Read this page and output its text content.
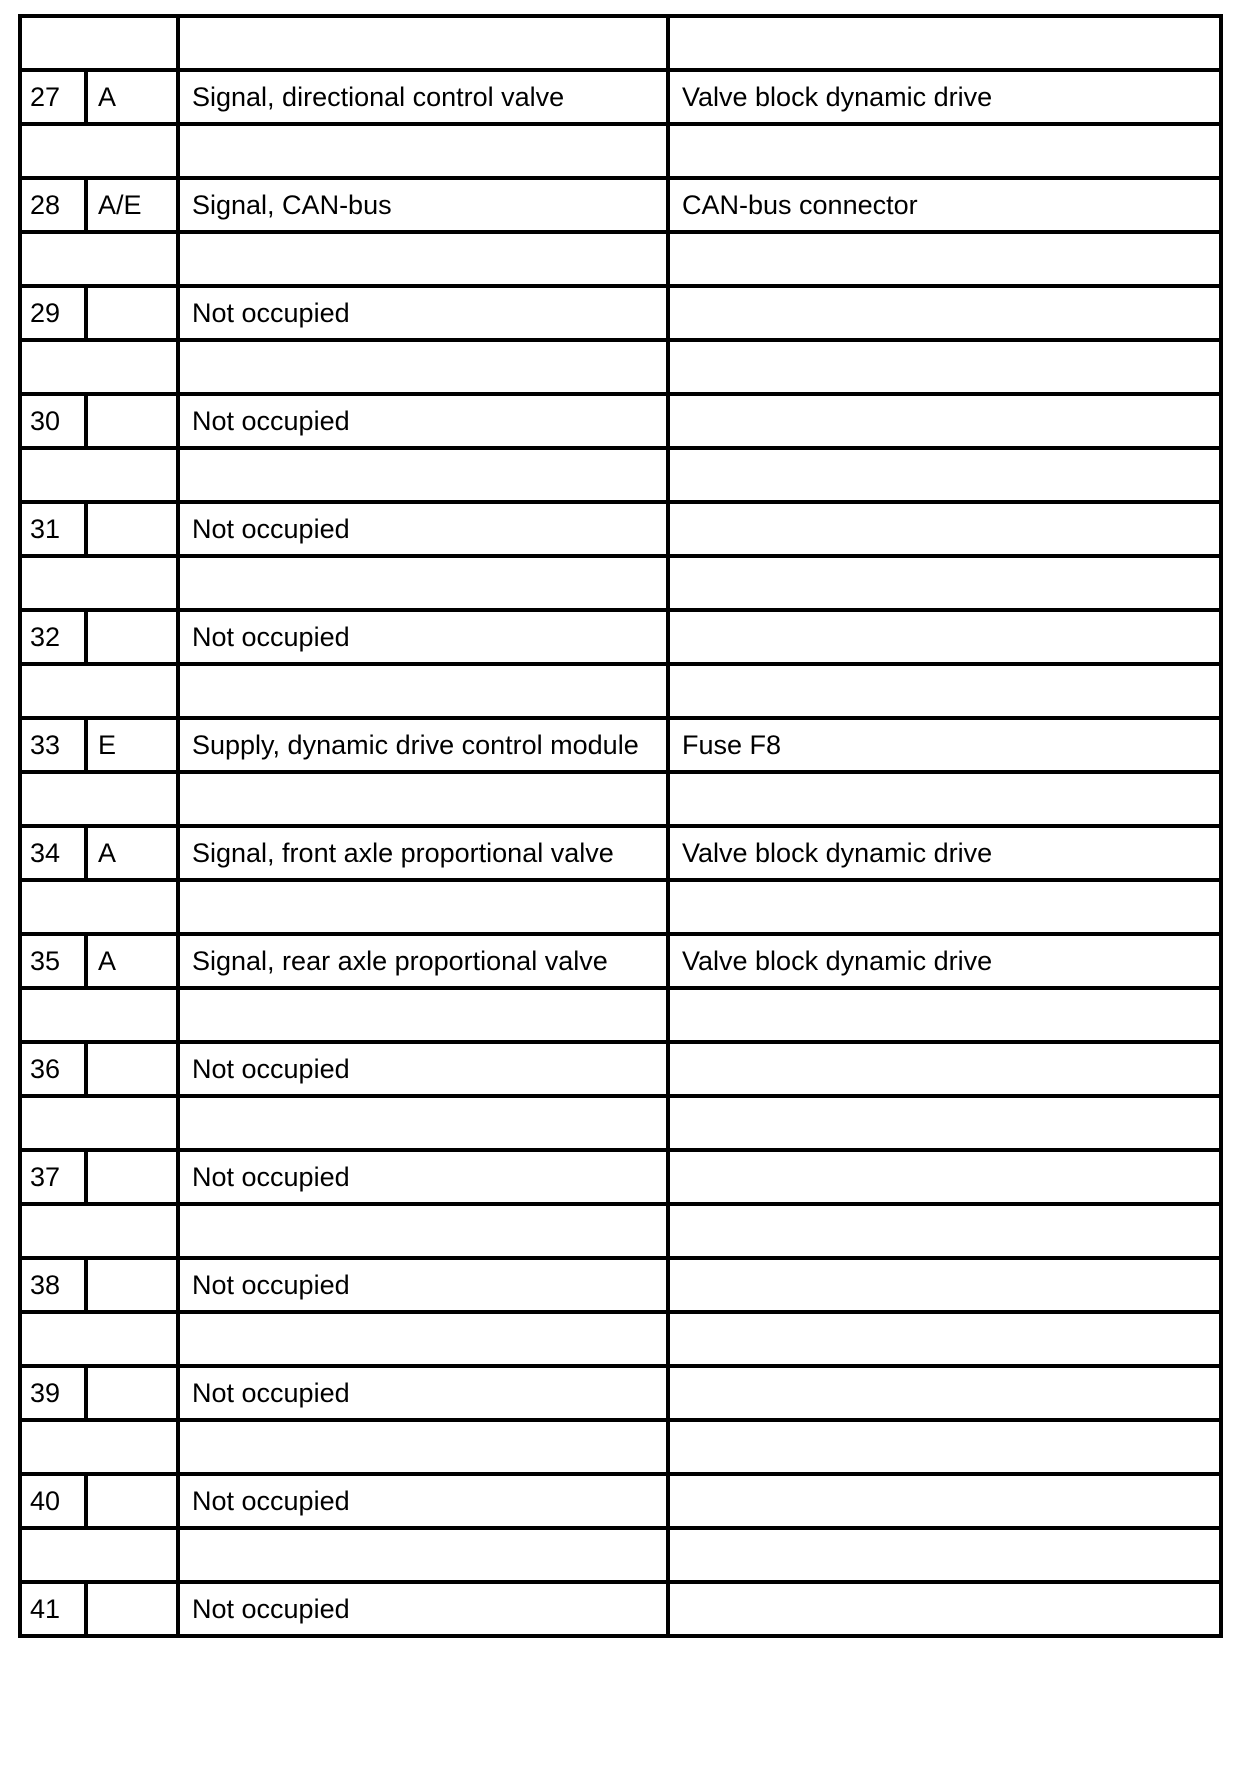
27	A	Signal, directional control valve	Valve block dynamic drive

28	A/E	Signal, CAN-bus	CAN-bus connector

29		Not occupied	

30		Not occupied	

31		Not occupied	

32		Not occupied	

33	E	Supply, dynamic drive control module	Fuse F8

34	A	Signal, front axle proportional valve	Valve block dynamic drive

35	A	Signal, rear axle proportional valve	Valve block dynamic drive

36		Not occupied	

37		Not occupied	

38		Not occupied	

39		Not occupied	

40		Not occupied	

41		Not occupied	
